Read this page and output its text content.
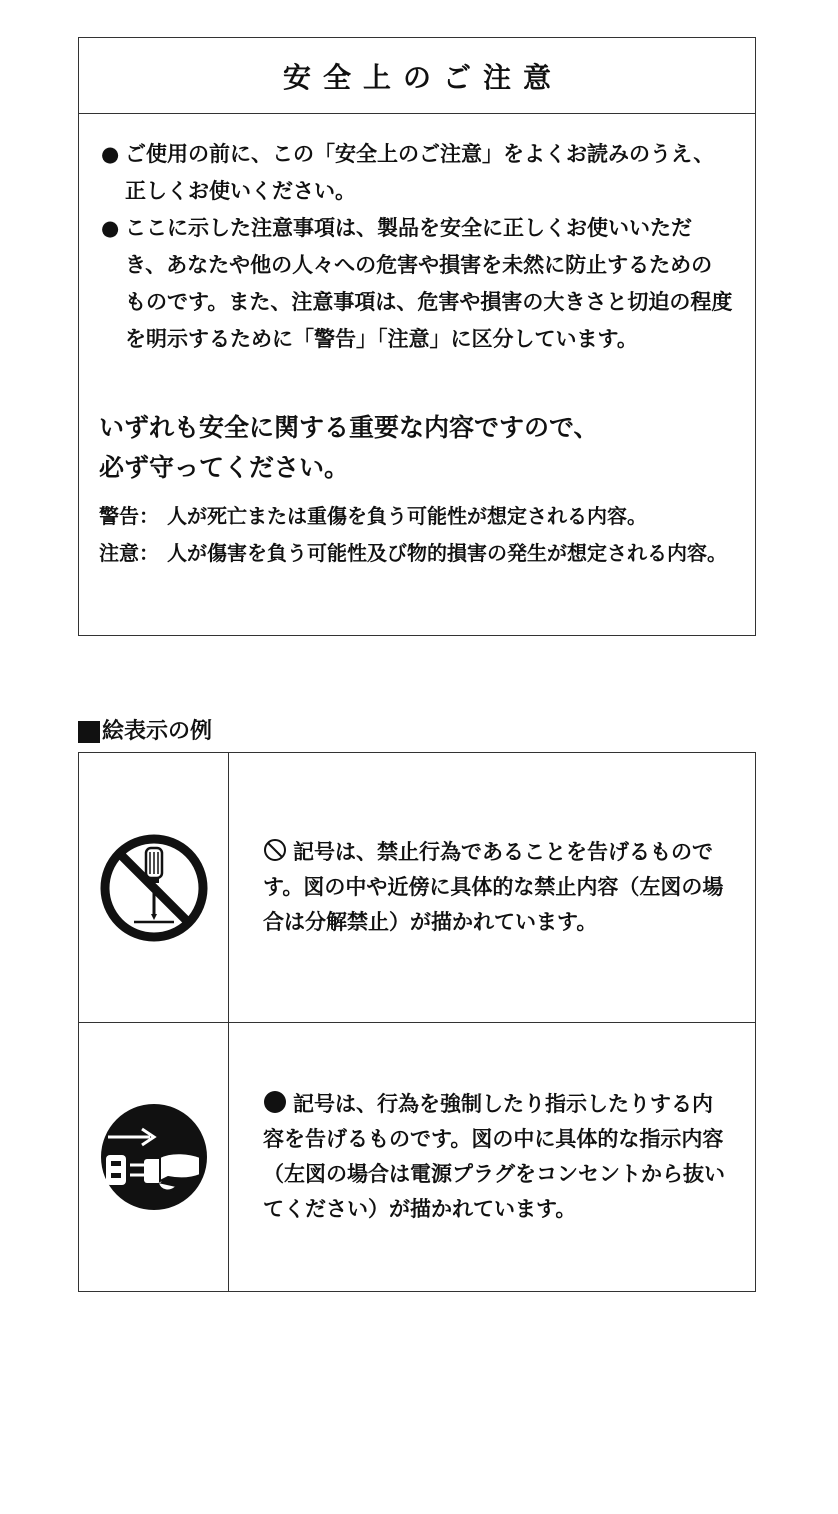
安全上のご注意
● ご使用の前に、この「安全上のご注意」をよくお読みのうえ、正しくお使いください。
● ここに示した注意事項は、製品を安全に正しくお使いいただき、あなたや他の人々への危害や損害を未然に防止するためのものです。また、注意事項は、危害や損害の大きさと切迫の程度を明示するために「警告」「注意」に区分しています。
いずれも安全に関する重要な内容ですので、
必ず守ってください。
警告： 人が死亡または重傷を負う可能性が想定される内容。
注意： 人が傷害を負う可能性及び物的損害の発生が想定される内容。
絵表示の例

記号は、禁止行為であることを告げるものです。図の中や近傍に具体的な禁止内容（左図の場合は分解禁止）が描かれています。

記号は、行為を強制したり指示したりする内容を告げるものです。図の中に具体的な指示内容（左図の場合は電源プラグをコンセントから抜いてください）が描かれています。
